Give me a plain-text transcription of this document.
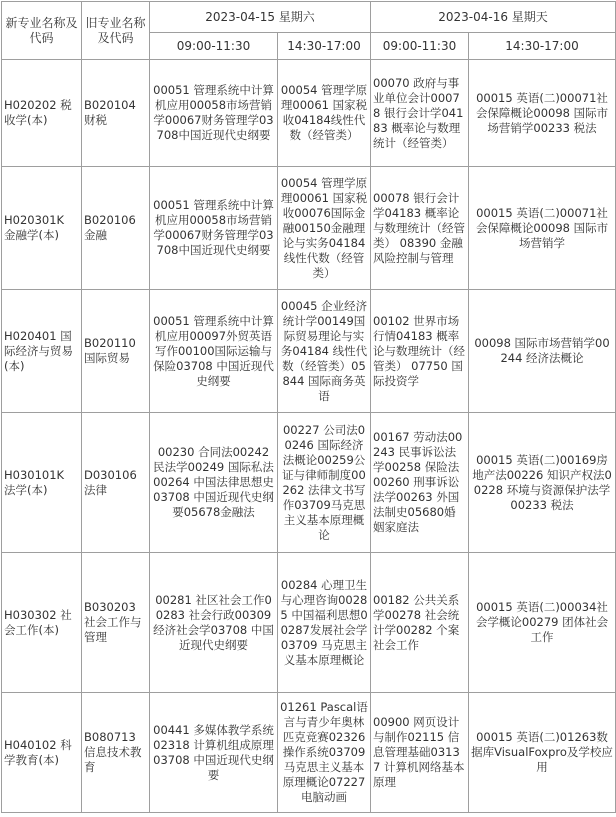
新专业名称及代码	旧专业名称及代码	2023-04-15 星期六		2023-04-16 星期天	
		09:00-11:30	14:30-17:00	09:00-11:30	14:30-17:00
H020202 税收学(本)	B020104 财税	00051 管理系统中计算机应用00058市场营销学00067财务管理学03708中国近现代史纲要	00054 管理学原理00061 国家税收04184线性代数（经管类）	00070 政府与事业单位会计00078 银行会计学04183 概率论与数理统计（经管类）	00015 英语(二)00071社会保障概论00098 国际市场营销学00233 税法
H020301K 金融学(本)	B020106 金融	00051 管理系统中计算机应用00058市场营销学00067财务管理学03708中国近现代史纲要	00054 管理学原理00061 国家税收00076国际金融00150金融理论与实务04184 线性代数（经管类）	00078 银行会计学04183 概率论与数理统计（经管类） 08390 金融风险控制与管理	00015 英语(二)00071社会保障概论00098 国际市场营销学
H020401 国际经济与贸易(本)	B020110 国际贸易	00051 管理系统中计算机应用00097外贸英语写作00100国际运输与保险03708 中国近现代史纲要	00045 企业经济统计学00149国际贸易理论与实务04184 线性代数（经管类）05844 国际商务英语	00102 世界市场行情04183 概率论与数理统计（经管类） 07750 国际投资学	00098 国际市场营销学00244 经济法概论
H030101K 法学(本)	D030106 法律	00230 合同法00242 民法学00249 国际私法00264 中国法律思想史03708 中国近现代史纲要05678金融法	00227 公司法00246 国际经济法概论00259公证与律师制度00262 法律文书写作03709马克思主义基本原理概论	00167 劳动法00243 民事诉讼法学00258 保险法00260 刑事诉讼法学00263 外国法制史05680婚姻家庭法	00015 英语(二)00169房地产法00226 知识产权法00228 环境与资源保护法学00233 税法
H030302 社会工作(本)	B030203 社会工作与管理	00281 社区社会工作00283 社会行政00309 经济社会学03708 中国近现代史纲要	00284 心理卫生与心理咨询00285 中国福利思想00287发展社会学03709 马克思主义基本原理概论	00182 公共关系学00278 社会统计学00282 个案社会工作	00015 英语(二)00034社会学概论00279 团体社会工作
H040102 科学教育(本)	B080713 信息技术教育	00441 多媒体教学系统02318 计算机组成原理03708 中国近现代史纲要	01261 Pascal语言与青少年奥林匹克竞赛02326操作系统03709马克思主义基本原理概论07227电脑动画	00900 网页设计与制作02115 信息管理基础03137 计算机网络基本原理	00015 英语(二)01263数据库VisualFoxpro及学校应用
